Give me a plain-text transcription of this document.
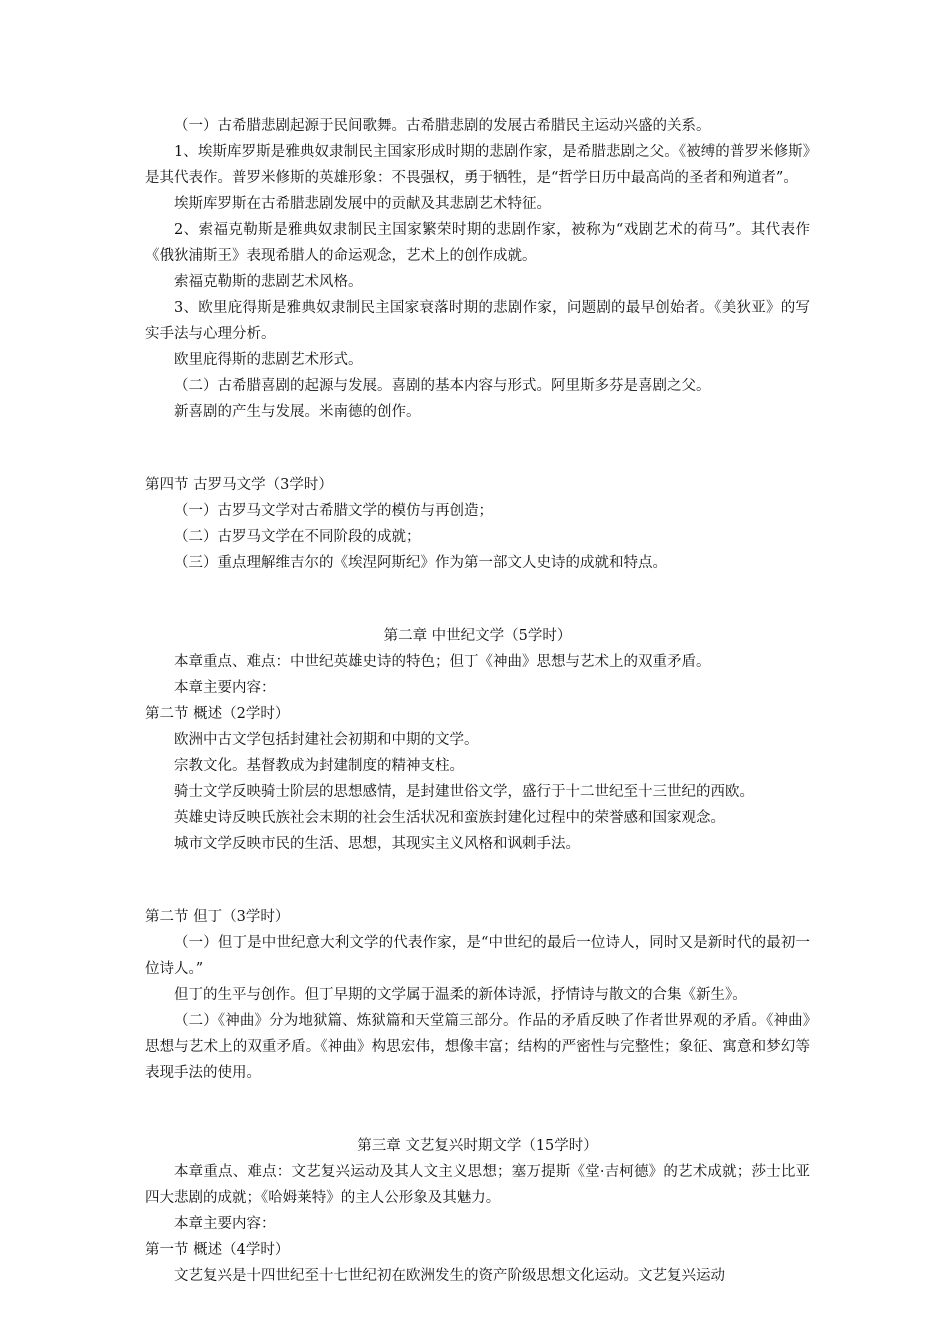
（一）古希腊悲剧起源于民间歌舞。古希腊悲剧的发展古希腊民主运动兴盛的关系。

1、埃斯库罗斯是雅典奴隶制民主国家形成时期的悲剧作家，是希腊悲剧之父。《被缚的普罗米修斯》是其代表作。普罗米修斯的英雄形象：不畏强权，勇于牺牲，是“哲学日历中最高尚的圣者和殉道者”。

埃斯库罗斯在古希腊悲剧发展中的贡献及其悲剧艺术特征。

2、索福克勒斯是雅典奴隶制民主国家繁荣时期的悲剧作家，被称为“戏剧艺术的荷马”。其代表作《俄狄浦斯王》表现希腊人的命运观念，艺术上的创作成就。

索福克勒斯的悲剧艺术风格。

3、欧里庇得斯是雅典奴隶制民主国家衰落时期的悲剧作家，问题剧的最早创始者。《美狄亚》的写实手法与心理分析。

欧里庇得斯的悲剧艺术形式。

（二）古希腊喜剧的起源与发展。喜剧的基本内容与形式。阿里斯多芬是喜剧之父。

新喜剧的产生与发展。米南德的创作。

第四节 古罗马文学（3学时）

（一）古罗马文学对古希腊文学的模仿与再创造；

（二）古罗马文学在不同阶段的成就；

（三）重点理解维吉尔的《埃涅阿斯纪》作为第一部文人史诗的成就和特点。

第二章 中世纪文学（5学时）

本章重点、难点：中世纪英雄史诗的特色；但丁《神曲》思想与艺术上的双重矛盾。

本章主要内容：

第二节 概述（2学时）

欧洲中古文学包括封建社会初期和中期的文学。

宗教文化。基督教成为封建制度的精神支柱。

骑士文学反映骑士阶层的思想感情，是封建世俗文学，盛行于十二世纪至十三世纪的西欧。

英雄史诗反映氏族社会末期的社会生活状况和蛮族封建化过程中的荣誉感和国家观念。

城市文学反映市民的生活、思想，其现实主义风格和讽刺手法。

第二节 但丁（3学时）

（一）但丁是中世纪意大利文学的代表作家，是“中世纪的最后一位诗人，同时又是新时代的最初一位诗人。”

但丁的生平与创作。但丁早期的文学属于温柔的新体诗派，抒情诗与散文的合集《新生》。

（二）《神曲》分为地狱篇、炼狱篇和天堂篇三部分。作品的矛盾反映了作者世界观的矛盾。《神曲》思想与艺术上的双重矛盾。《神曲》构思宏伟，想像丰富；结构的严密性与完整性；象征、寓意和梦幻等表现手法的使用。

第三章 文艺复兴时期文学（15学时）

本章重点、难点：文艺复兴运动及其人文主义思想；塞万提斯《堂·吉柯德》的艺术成就；莎士比亚四大悲剧的成就；《哈姆莱特》的主人公形象及其魅力。

本章主要内容：

第一节 概述（4学时）

文艺复兴是十四世纪至十七世纪初在欧洲发生的资产阶级思想文化运动。文艺复兴运动
